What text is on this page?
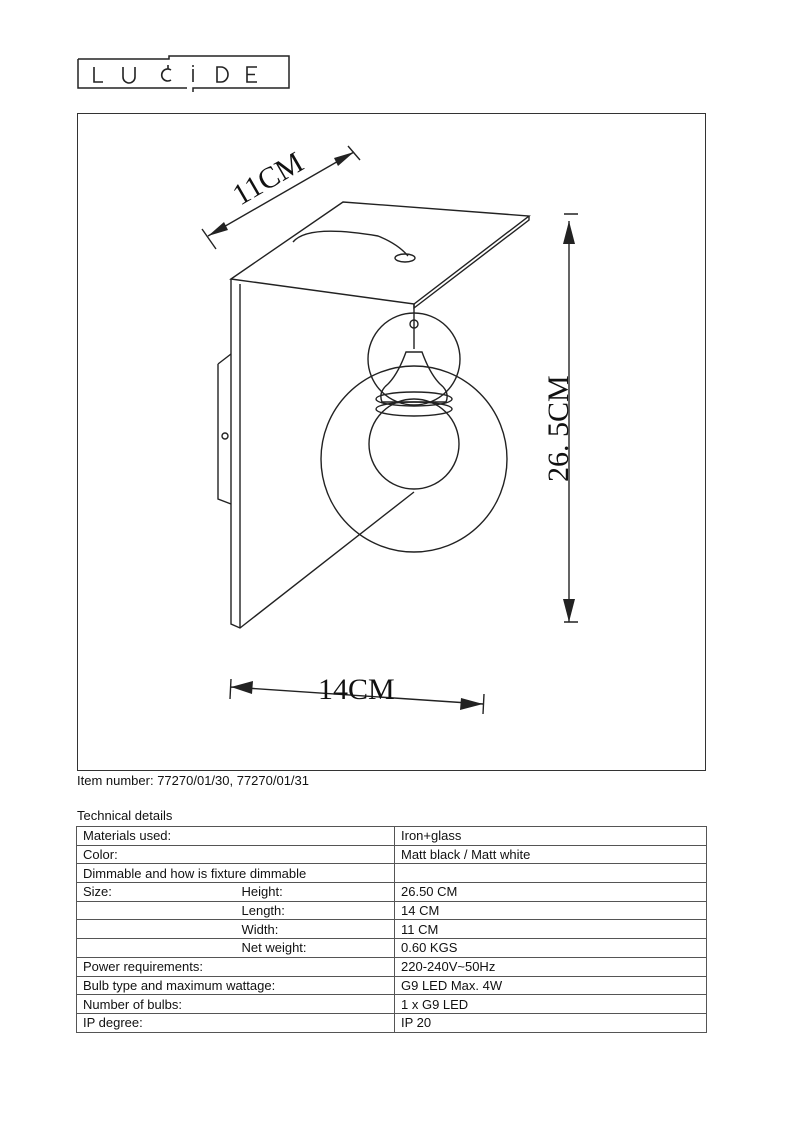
11CM
26. 5CM
14CM
Item number: 77270/01/30, 77270/01/31
Technical details
Materials used:		Iron+glass
Color:		Matt black / Matt white
Dimmable and how is fixture dimmable		
Size:	Height:	26.50 CM
	Length:	14 CM
	Width:	11 CM
	Net weight:	0.60 KGS
Power requirements:		220-240V~50Hz
Bulb type and maximum wattage:		G9 LED Max. 4W
Number of bulbs:		1 x G9 LED
IP degree:		IP 20
